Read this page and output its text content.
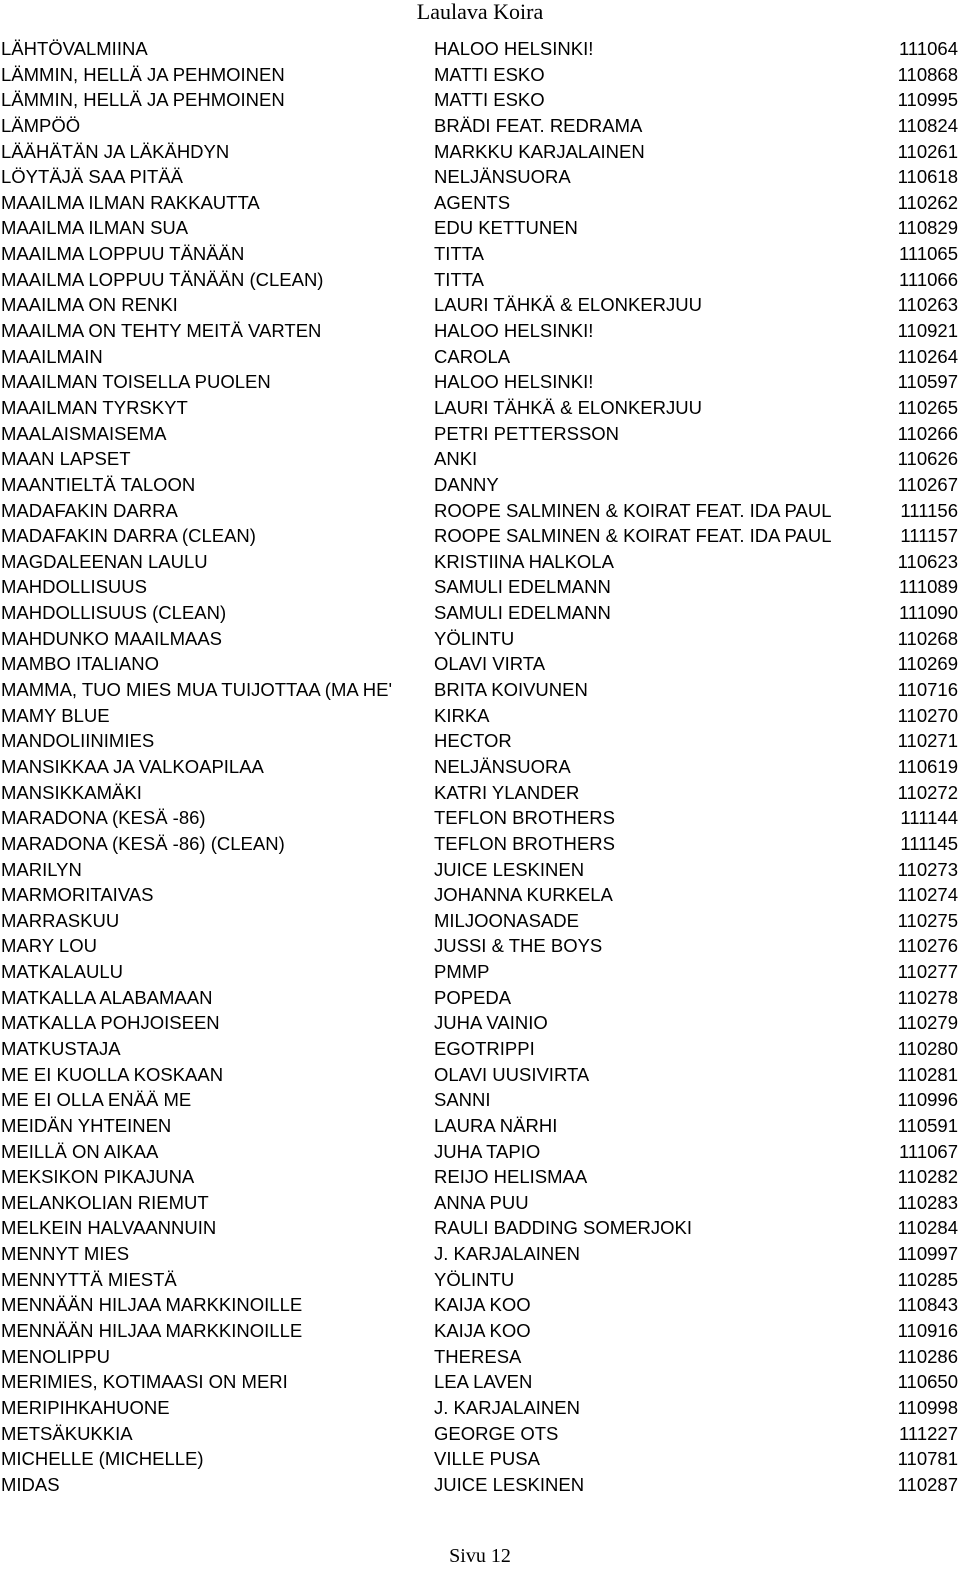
Laulava Koira
LÄHTÖVALMIINA	HALOO HELSINKI!	111064
LÄMMIN, HELLÄ JA PEHMOINEN	MATTI ESKO	110868
LÄMMIN, HELLÄ JA PEHMOINEN	MATTI ESKO	110995
LÄMPÖÖ	BRÄDI FEAT. REDRAMA	110824
LÄÄHÄTÄN JA LÄKÄHDYN	MARKKU KARJALAINEN	110261
LÖYTÄJÄ SAA PITÄÄ	NELJÄNSUORA	110618
MAAILMA ILMAN RAKKAUTTA	AGENTS	110262
MAAILMA ILMAN SUA	EDU KETTUNEN	110829
MAAILMA LOPPUU TÄNÄÄN	TITTA	111065
MAAILMA LOPPUU TÄNÄÄN (CLEAN)	TITTA	111066
MAAILMA ON RENKI	LAURI TÄHKÄ & ELONKERJUU	110263
MAAILMA ON TEHTY MEITÄ VARTEN	HALOO HELSINKI!	110921
MAAILMAIN	CAROLA	110264
MAAILMAN TOISELLA PUOLEN	HALOO HELSINKI!	110597
MAAILMAN TYRSKYT	LAURI TÄHKÄ & ELONKERJUU	110265
MAALAISMAISEMA	PETRI PETTERSSON	110266
MAAN LAPSET	ANKI	110626
MAANTIELTÄ TALOON	DANNY	110267
MADAFAKIN DARRA	ROOPE SALMINEN & KOIRAT FEAT. IDA PAUL	111156
MADAFAKIN DARRA (CLEAN)	ROOPE SALMINEN & KOIRAT FEAT. IDA PAUL	111157
MAGDALEENAN LAULU	KRISTIINA HALKOLA	110623
MAHDOLLISUUS	SAMULI EDELMANN	111089
MAHDOLLISUUS (CLEAN)	SAMULI EDELMANN	111090
MAHDUNKO MAAILMAAS	YÖLINTU	110268
MAMBO ITALIANO	OLAVI VIRTA	110269
MAMMA, TUO MIES MUA TUIJOTTAA (MA HE'	BRITA KOIVUNEN	110716
MAMY BLUE	KIRKA	110270
MANDOLIINIMIES	HECTOR	110271
MANSIKKAA JA VALKOAPILAA	NELJÄNSUORA	110619
MANSIKKAMÄKI	KATRI YLANDER	110272
MARADONA (KESÄ -86)	TEFLON BROTHERS	111144
MARADONA (KESÄ -86) (CLEAN)	TEFLON BROTHERS	111145
MARILYN	JUICE LESKINEN	110273
MARMORITAIVAS	JOHANNA KURKELA	110274
MARRASKUU	MILJOONASADE	110275
MARY LOU	JUSSI & THE BOYS	110276
MATKALAULU	PMMP	110277
MATKALLA ALABAMAAN	POPEDA	110278
MATKALLA POHJOISEEN	JUHA VAINIO	110279
MATKUSTAJA	EGOTRIPPI	110280
ME EI KUOLLA KOSKAAN	OLAVI UUSIVIRTA	110281
ME EI OLLA ENÄÄ ME	SANNI	110996
MEIDÄN YHTEINEN	LAURA NÄRHI	110591
MEILLÄ ON AIKAA	JUHA TAPIO	111067
MEKSIKON PIKAJUNA	REIJO HELISMAA	110282
MELANKOLIAN RIEMUT	ANNA PUU	110283
MELKEIN HALVAANNUIN	RAULI BADDING SOMERJOKI	110284
MENNYT MIES	J. KARJALAINEN	110997
MENNYTTÄ MIESTÄ	YÖLINTU	110285
MENNÄÄN HILJAA MARKKINOILLE	KAIJA KOO	110843
MENNÄÄN HILJAA MARKKINOILLE	KAIJA KOO	110916
MENOLIPPU	THERESA	110286
MERIMIES, KOTIMAASI ON MERI	LEA LAVEN	110650
MERIPIHKAHUONE	J. KARJALAINEN	110998
METSÄKUKKIA	GEORGE OTS	111227
MICHELLE (MICHELLE)	VILLE PUSA	110781
MIDAS	JUICE LESKINEN	110287
Sivu 12
